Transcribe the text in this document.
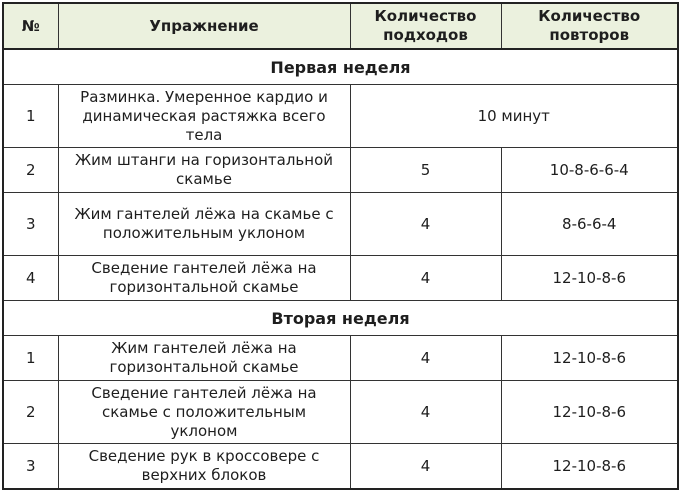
№	Упражнение	Количество подходов	Количество повторов
Первая неделя			
1	Разминка. Умеренное кардио и динамическая растяжка всего тела	10 минут	
2	Жим штанги на горизонтальной скамье	5	10-8-6-6-4
3	Жим гантелей лёжа на скамье с положительным уклоном	4	8-6-6-4
4	Сведение гантелей лёжа на горизонтальной скамье	4	12-10-8-6
Вторая неделя			
1	Жим гантелей лёжа на горизонтальной скамье	4	12-10-8-6
2	Сведение гантелей лёжа на скамье с положительным уклоном	4	12-10-8-6
3	Сведение рук в кроссовере с верхних блоков	4	12-10-8-6
